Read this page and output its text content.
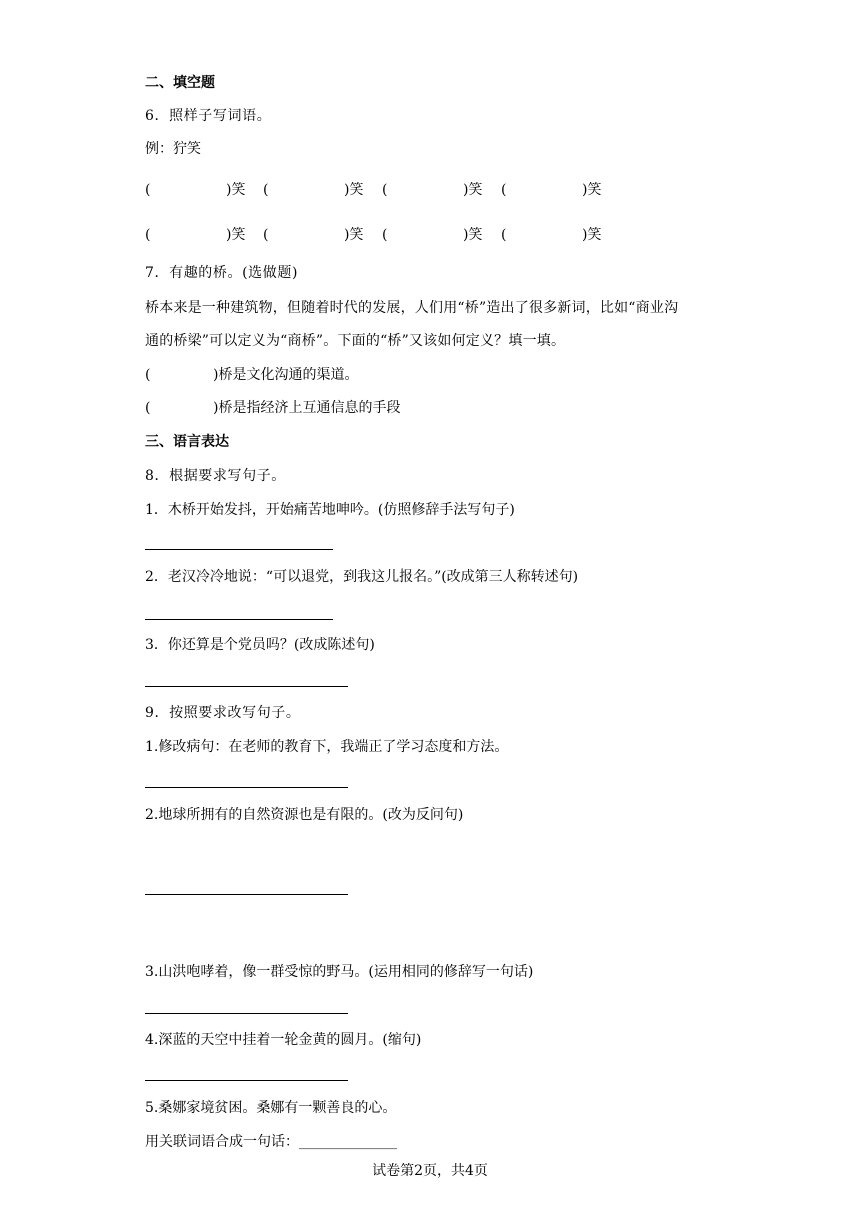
二、填空题
6．照样子写词语。
例：狞笑
(	)笑 (	)笑 (	)笑 (	)笑
(	)笑 (	)笑 (	)笑 (	)笑
7．有趣的桥。(选做题)
桥本来是一种建筑物，但随着时代的发展，人们用“桥”造出了很多新词，比如“商业沟
通的桥梁”可以定义为“商桥”。下面的“桥”又该如何定义？填一填。
(	)桥是文化沟通的渠道。
(	)桥是指经济上互通信息的手段
三、语言表达
8．根据要求写句子。
1．木桥开始发抖，开始痛苦地呻吟。(仿照修辞手法写句子)
2．老汉冷冷地说：“可以退党，到我这儿报名。”(改成第三人称转述句)
3．你还算是个党员吗？(改成陈述句)
9．按照要求改写句子。
1.修改病句：在老师的教育下，我端正了学习态度和方法。
2.地球所拥有的自然资源也是有限的。(改为反问句)
3.山洪咆哮着，像一群受惊的野马。(运用相同的修辞写一句话)
4.深蓝的天空中挂着一轮金黄的圆月。(缩句)
5.桑娜家境贫困。桑娜有一颗善良的心。
用关联词语合成一句话：______________
试卷第2页，共4页
